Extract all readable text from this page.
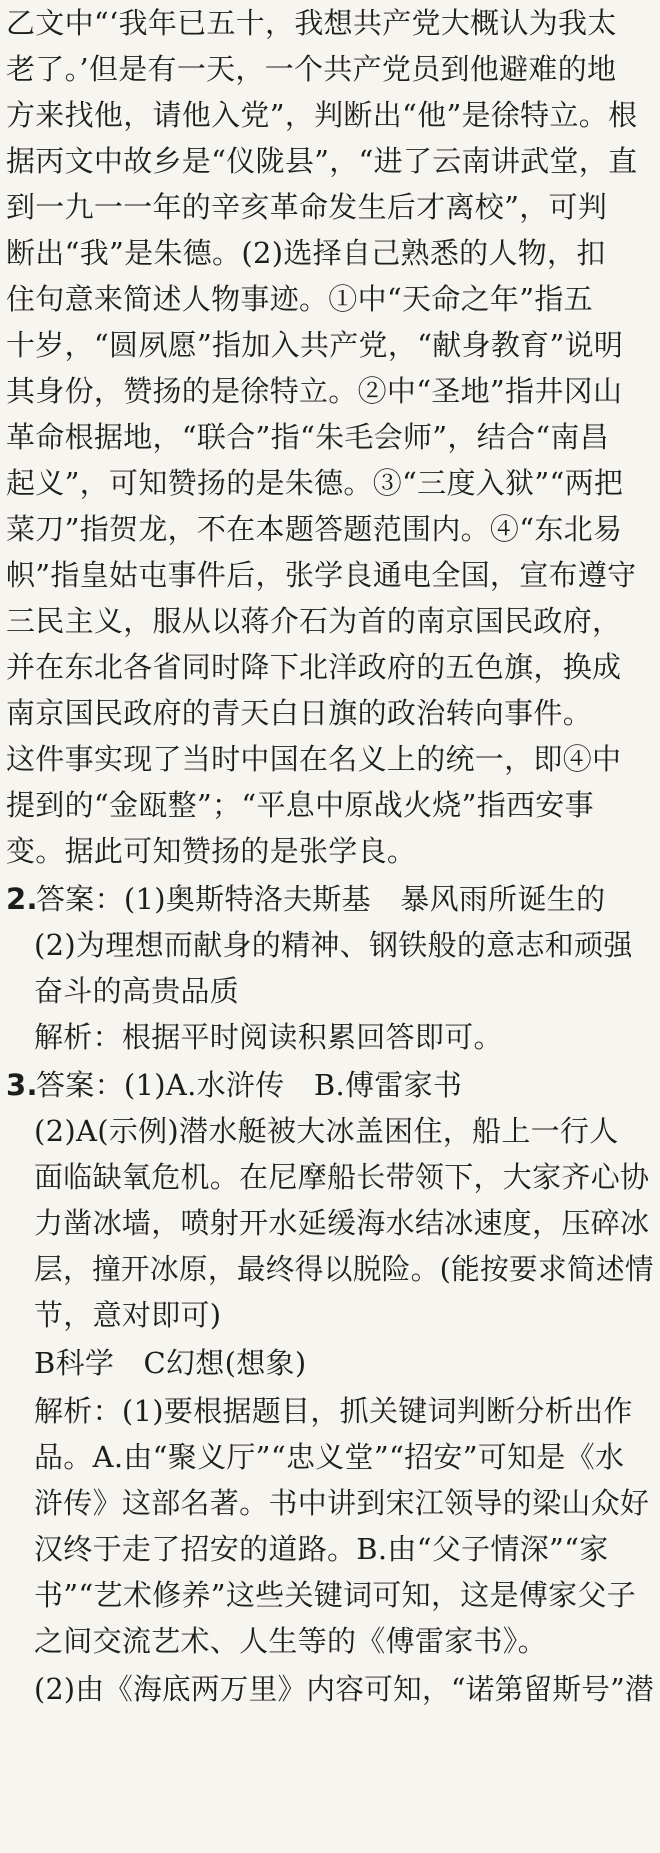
乙文中“‘我年已五十，我想共产党大概认为我太
老了。’但是有一天，一个共产党员到他避难的地
方来找他，请他入党”，判断出“他”是徐特立。根
据丙文中故乡是“仪陇县”，“进了云南讲武堂，直
到一九一一年的辛亥革命发生后才离校”，可判
断出“我”是朱德。(2)选择自己熟悉的人物，扣
住句意来简述人物事迹。①中“天命之年”指五
十岁，“圆夙愿”指加入共产党，“献身教育”说明
其身份，赞扬的是徐特立。②中“圣地”指井冈山
革命根据地，“联合”指“朱毛会师”，结合“南昌
起义”，可知赞扬的是朱德。③“三度入狱”“两把
菜刀”指贺龙，不在本题答题范围内。④“东北易
帜”指皇姑屯事件后，张学良通电全国，宣布遵守
三民主义，服从以蒋介石为首的南京国民政府，
并在东北各省同时降下北洋政府的五色旗，换成
南京国民政府的青天白日旗的政治转向事件。
这件事实现了当时中国在名义上的统一，即④中
提到的“金瓯整”；“平息中原战火烧”指西安事
变。据此可知赞扬的是张学良。
2.答案：(1)奥斯特洛夫斯基　暴风雨所诞生的
(2)为理想而献身的精神、钢铁般的意志和顽强
奋斗的高贵品质
解析：根据平时阅读积累回答即可。
3.答案：(1)A.水浒传　B.傅雷家书
(2)A(示例)潜水艇被大冰盖困住，船上一行人
面临缺氧危机。在尼摩船长带领下，大家齐心协
力凿冰墙，喷射开水延缓海水结冰速度，压碎冰
层，撞开冰原，最终得以脱险。(能按要求简述情
节，意对即可)
B科学　C幻想(想象)
解析：(1)要根据题目，抓关键词判断分析出作
品。A.由“聚义厅”“忠义堂”“招安”可知是《水
浒传》这部名著。书中讲到宋江领导的梁山众好
汉终于走了招安的道路。B.由“父子情深”“家
书”“艺术修养”这些关键词可知，这是傅家父子
之间交流艺术、人生等的《傅雷家书》。
(2)由《海底两万里》内容可知，“诺第留斯号”潜
